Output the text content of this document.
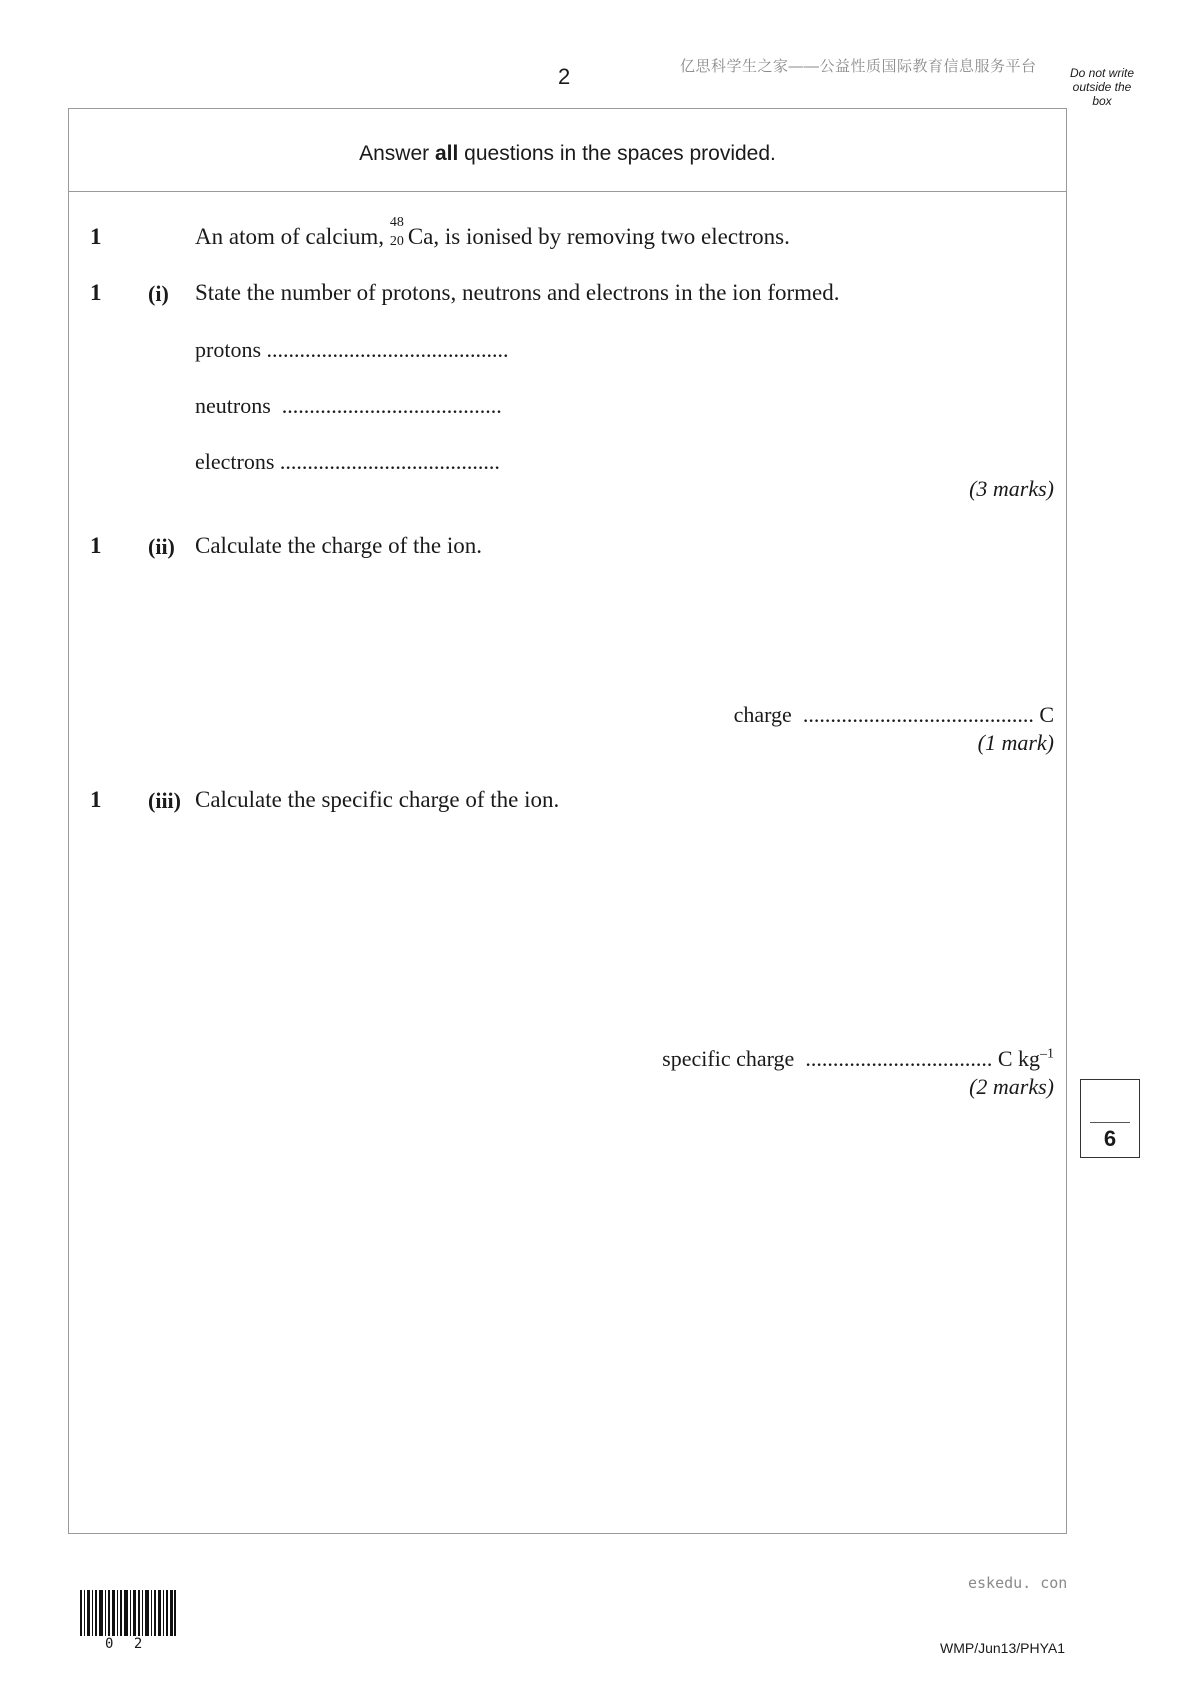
2	亿思科学生之家——公益性质国际教育信息服务平台	Do not write outside the box
Answer all questions in the spaces provided.
1	An atom of calcium,
48
20 Ca, is ionised by removing two electrons.
1 (i) State the number of protons, neutrons and electrons in the ion formed.
protons ............................................
neutrons ........................................
electrons ........................................
(3 marks)
1 (ii) Calculate the charge of the ion.
charge .......................................... C
(1 mark)
1 (iii) Calculate the specific charge of the ion.
specific charge .................................. C $kg^{-1}$
(2 marks)
6
eskedu. con
0 2	WMP/Jun13/PHYA1
